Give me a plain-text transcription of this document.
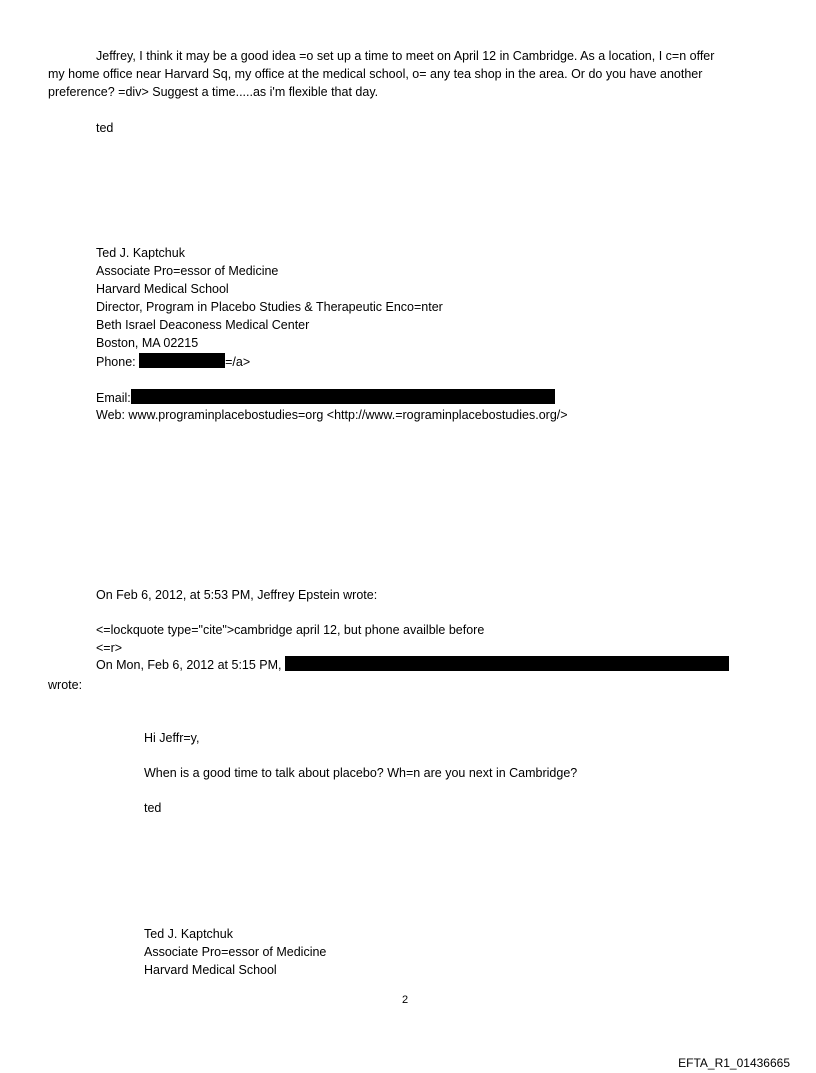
Jeffrey, I think it may be a good idea =o set up a time to meet on April 12 in Cambridge. As a location, I c=n offer
my home office near Harvard Sq, my office at the medical school, o= any tea shop in the area. Or do you have another
preference? =div> Suggest a time.....as i'm flexible that day.
ted
Ted J. Kaptchuk
Associate Pro=essor of Medicine
Harvard Medical School
Director, Program in Placebo Studies & Therapeutic Enco=nter
Beth Israel Deaconess Medical Center
Boston, MA 02215
Phone:	=/a>
Email:
Web: www.programinplacebostudies=org <http://www.=rograminplacebostudies.org/>
On Feb 6, 2012, at 5:53 PM, Jeffrey Epstein wrote:
<=lockquote type="cite">cambridge april 12, but phone availble before
<=r>
On Mon, Feb 6, 2012 at 5:15 PM,
wrote:
Hi Jeffr=y,
When is a good time to talk about placebo? Wh=n are you next in Cambridge?
ted
Ted J. Kaptchuk
Associate Pro=essor of Medicine
Harvard Medical School
2
EFTA_R1_01436665
